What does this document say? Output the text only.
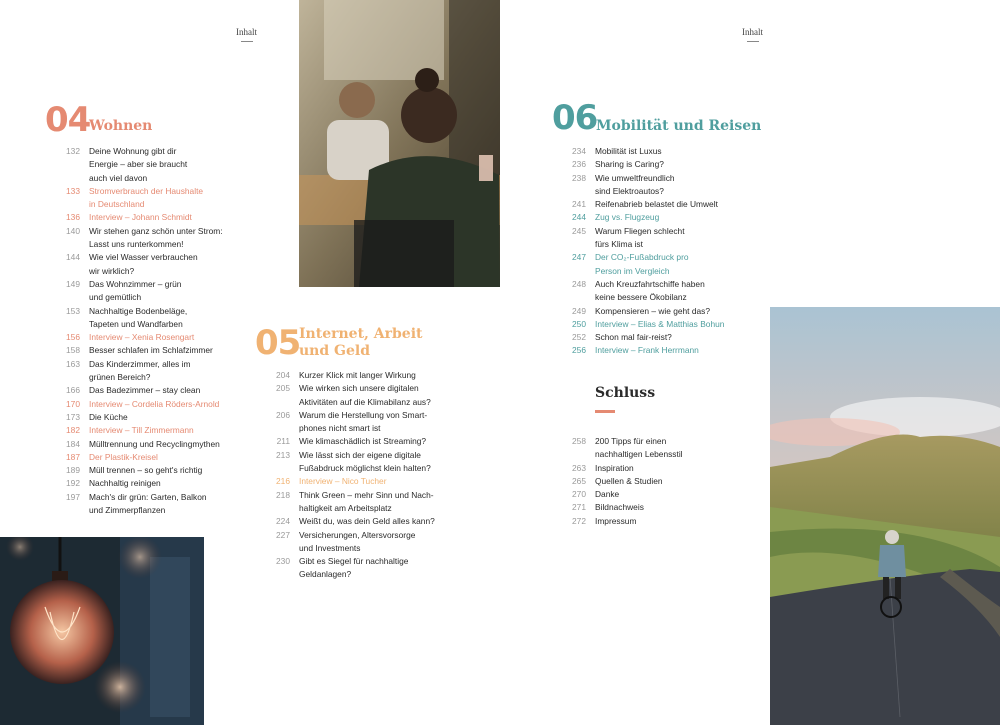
Inhalt	Inhalt
04
Wohnen
132	Deine Wohnung gibt dir
Energie – aber sie braucht
auch viel davon
133	Stromverbrauch der Haushalte
in Deutschland
136	Interview – Johann Schmidt
140	Wir stehen ganz schön unter Strom:
Lasst uns runterkommen!
144	Wie viel Wasser verbrauchen
wir wirklich?
149	Das Wohnzimmer – grün
und gemütlich
153	Nachhaltige Bodenbeläge,
Tapeten und Wandfarben
156	Interview – Xenia Rosengart
158	Besser schlafen im Schlafzimmer
163	Das Kinderzimmer, alles im
grünen Bereich?
166	Das Badezimmer – stay clean
170	Interview – Cordelia Röders-Arnold
173	Die Küche
182	Interview – Till Zimmermann
184	Mülltrennung und Recyclingmythen
187	Der Plastik-Kreisel
189	Müll trennen – so geht's richtig
192	Nachhaltig reinigen
197	Mach's dir grün: Garten, Balkon
und Zimmerpflanzen
05
Internet, Arbeit
und Geld
204	Kurzer Klick mit langer Wirkung
205	Wie wirken sich unsere digitalen
Aktivitäten auf die Klimabilanz aus?
206	Warum die Herstellung von Smart-
phones nicht smart ist
211	Wie klimaschädlich ist Streaming?
213	Wie lässt sich der eigene digitale
Fußabdruck möglichst klein halten?
216	Interview – Nico Tucher
218	Think Green – mehr Sinn und Nach-
haltigkeit am Arbeitsplatz
224	Weißt du, was dein Geld alles kann?
227	Versicherungen, Altersvorsorge
und Investments
230	Gibt es Siegel für nachhaltige
Geldanlagen?
06
Mobilität und Reisen
234	Mobilität ist Luxus
236	Sharing is Caring?
238	Wie umweltfreundlich
sind Elektroautos?
241	Reifenabrieb belastet die Umwelt
244	Zug vs. Flugzeug
245	Warum Fliegen schlecht
fürs Klima ist
247	Der CO₂-Fußabdruck pro
Person im Vergleich
248	Auch Kreuzfahrtschiffe haben
keine bessere Ökobilanz
249	Kompensieren – wie geht das?
250	Interview – Elias & Matthias Bohun
252	Schon mal fair-reist?
256	Interview – Frank Herrmann
Schluss
258	200 Tipps für einen
nachhaltigen Lebensstil
263	Inspiration
265	Quellen & Studien
270	Danke
271	Bildnachweis
272	Impressum
